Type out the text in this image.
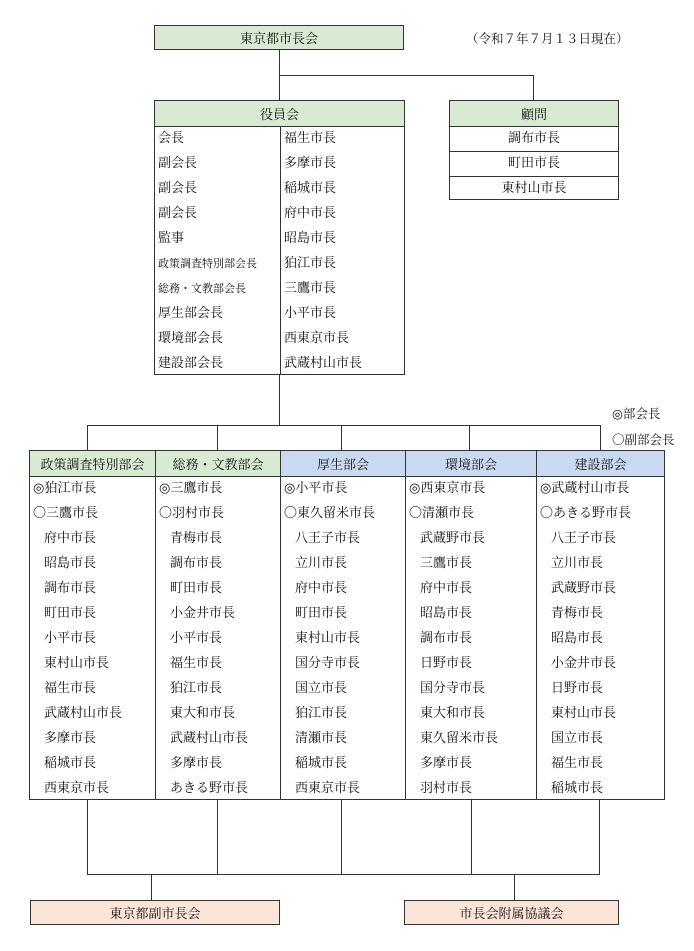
東京都市長会	（令和７年７月１３日現在）
役員会
会長	福生市長
副会長	多摩市長
副会長	稲城市長
副会長	府中市長
監事	昭島市長
政策調査特別部会長 狛江市長
総務・文教部会長	三鷹市長
厚生部会長	小平市長
環境部会長	西東京市長
建設部会長	武蔵村山市長
顧問
調布市長
町田市長
東村山市長
◎部会長
〇副部会長
政策調査特別部会
◎狛江市長
〇三鷹市長
府中市長
昭島市長
調布市長
町田市長
小平市長
東村山市長
福生市長
武蔵村山市長
多摩市長
稲城市長
西東京市長
総務・文教部会
◎三鷹市長
〇羽村市長
青梅市長
調布市長
町田市長
小金井市長
小平市長
福生市長
狛江市長
東大和市長
武蔵村山市長
多摩市長
あきる野市長
厚生部会
◎小平市長
〇東久留米市長
八王子市長
立川市長
府中市長
町田市長
東村山市長
国分寺市長
国立市長
狛江市長
清瀬市長
稲城市長
西東京市長
環境部会
◎西東京市長
〇清瀬市長
武蔵野市長
三鷹市長
府中市長
昭島市長
調布市長
日野市長
国分寺市長
東大和市長
東久留米市長
多摩市長
羽村市長
建設部会
◎武蔵村山市長
〇あきる野市長
八王子市長
立川市長
武蔵野市長
青梅市長
昭島市長
小金井市長
日野市長
東村山市長
国立市長
福生市長
稲城市長
東京都副市長会	市長会附属協議会
